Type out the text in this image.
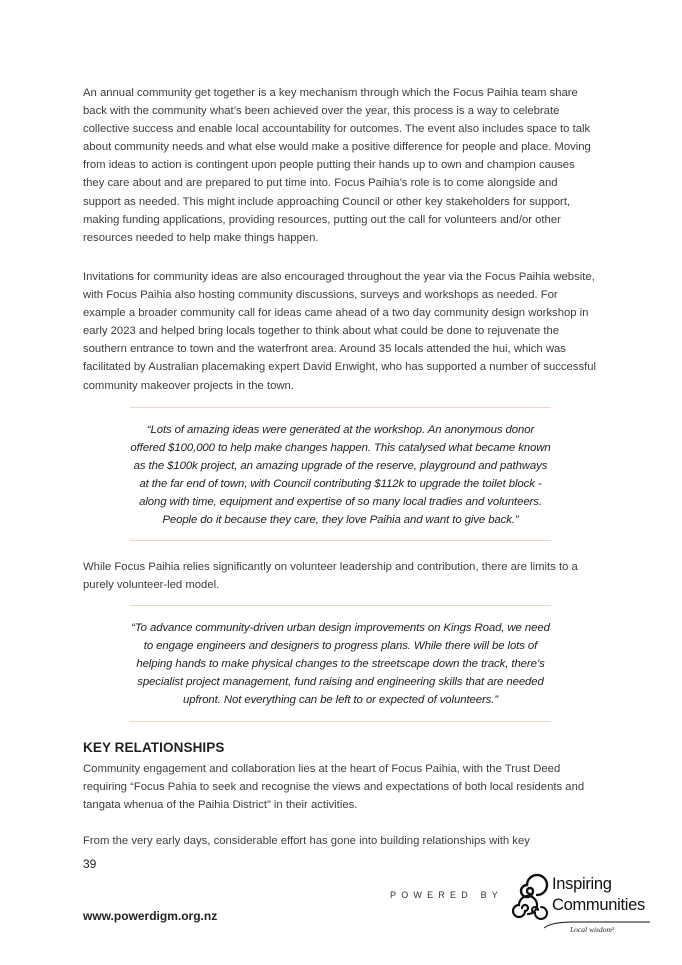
An annual community get together is a key mechanism through which the Focus Paihia team share back with the community what’s been achieved over the year, this process is a way to celebrate collective success and enable local accountability for outcomes. The event also includes space to talk about community needs and what else would make a positive difference for people and place. Moving from ideas to action is contingent upon people putting their hands up to own and champion causes they care about and are prepared to put time into. Focus Paihia’s role is to come alongside and support as needed. This might include approaching Council or other key stakeholders for support, making funding applications, providing resources, putting out the call for volunteers and/or other resources needed to help make things happen.

Invitations for community ideas are also encouraged throughout the year via the Focus Paihia website, with Focus Paihia also hosting community discussions, surveys and workshops as needed. For example a broader community call for ideas came ahead of a two day community design workshop in early 2023 and helped bring locals together to think about what could be done to rejuvenate the southern entrance to town and the waterfront area. Around 35 locals attended the hui, which was facilitated by Australian placemaking expert David Enwight, who has supported a number of successful community makeover projects in the town.

“Lots of amazing ideas were generated at the workshop. An anonymous donor offered $100,000 to help make changes happen. This catalysed what became known as the $100k project, an amazing upgrade of the reserve, playground and pathways at the far end of town, with Council contributing $112k to upgrade the toilet block - along with time, equipment and expertise of so many local tradies and volunteers. People do it because they care, they love Paihia and want to give back.”

While Focus Paihia relies significantly on volunteer leadership and contribution, there are limits to a purely volunteer-led model.

“To advance community-driven urban design improvements on Kings Road, we need to engage engineers and designers to progress plans. While there will be lots of helping hands to make physical changes to the streetscape down the track, there’s specialist project management, fund raising and engineering skills that are needed upfront. Not everything can be left to or expected of volunteers.”

KEY RELATIONSHIPS

Community engagement and collaboration lies at the heart of Focus Paihia, with the Trust Deed requiring “Focus Pahia to seek and recognise the views and expectations of both local residents and tangata whenua of the Paihia District” in their activities.

From the very early days, considerable effort has gone into building relationships with key

39
POWERED BY
Inspiring
Communities
Local wisdom²
www.powerdigm.org.nz
